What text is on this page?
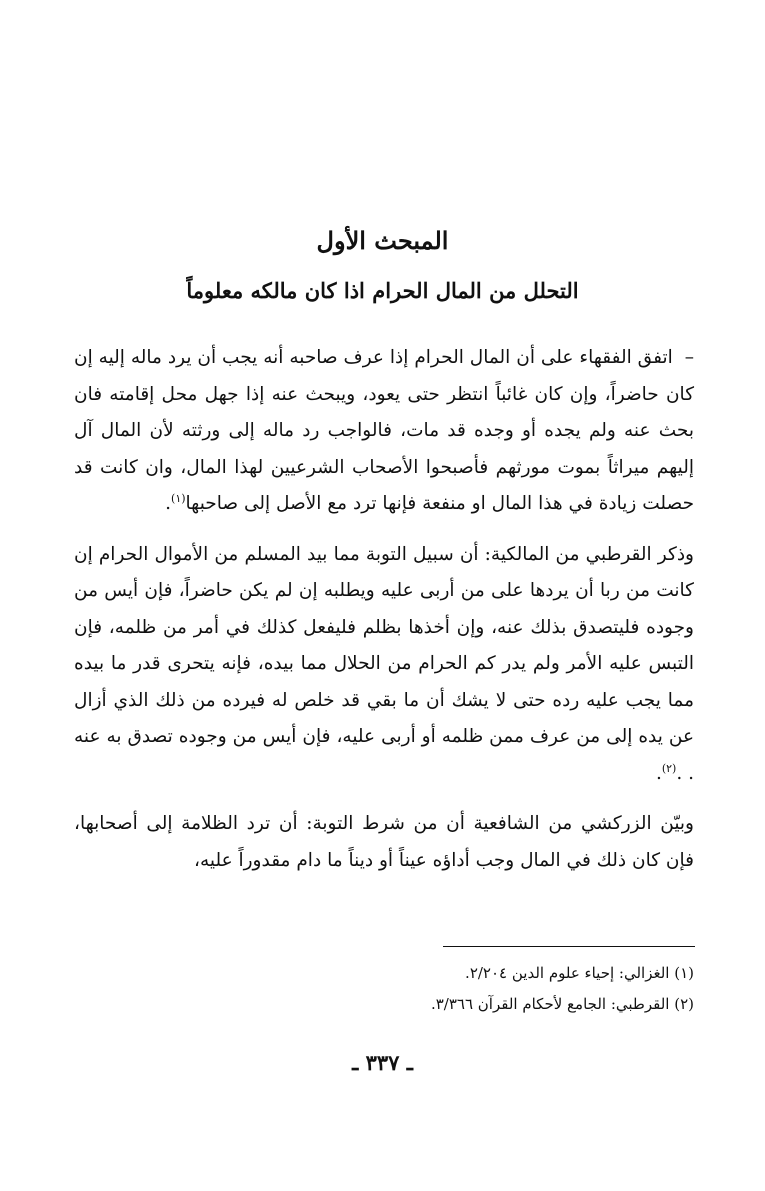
المبحث الأول
التحلل من المال الحرام اذا كان مالكه معلوماً

–اتفق الفقهاء على أن المال الحرام إذا عرف صاحبه أنه يجب أن يرد ماله إليه إن كان حاضراً، وإن كان غائباً انتظر حتى يعود، ويبحث عنه إذا جهل محل إقامته فان بحث عنه ولم يجده أو وجده قد مات، فالواجب رد ماله إلى ورثته لأن المال آل إليهم ميراثاً بموت مورثهم فأصبحوا الأصحاب الشرعيين لهذا المال، وان كانت قد حصلت زيادة في هذا المال او منفعة فإنها ترد مع الأصل إلى صاحبها$^{(١)}$.

وذكر القرطبي من المالكية: أن سبيل التوبة مما بيد المسلم من الأموال الحرام إن كانت من ربا أن يردها على من أربى عليه ويطلبه إن لم يكن حاضراً، فإن أيس من وجوده فليتصدق بذلك عنه، وإن أخذها بظلم فليفعل كذلك في أمر من ظلمه، فإن التبس عليه الأمر ولم يدر كم الحرام من الحلال مما بيده، فإنه يتحرى قدر ما بيده مما يجب عليه رده حتى لا يشك أن ما بقي قد خلص له فيرده من ذلك الذي أزال عن يده إلى من عرف ممن ظلمه أو أربى عليه، فإن أيس من وجوده تصدق به عنه . .$^{(٢)}$.

وبيّن الزركشي من الشافعية أن من شرط التوبة: أن ترد الظلامة إلى أصحابها، فإن كان ذلك في المال وجب أداؤه عيناً أو ديناً ما دام مقدوراً عليه،

(١) الغزالي: إحياء علوم الدين ٢/٢٠٤.
(٢) القرطبي: الجامع لأحكام القرآن ٣/٣٦٦.
ـ ٣٣٧ ـ
